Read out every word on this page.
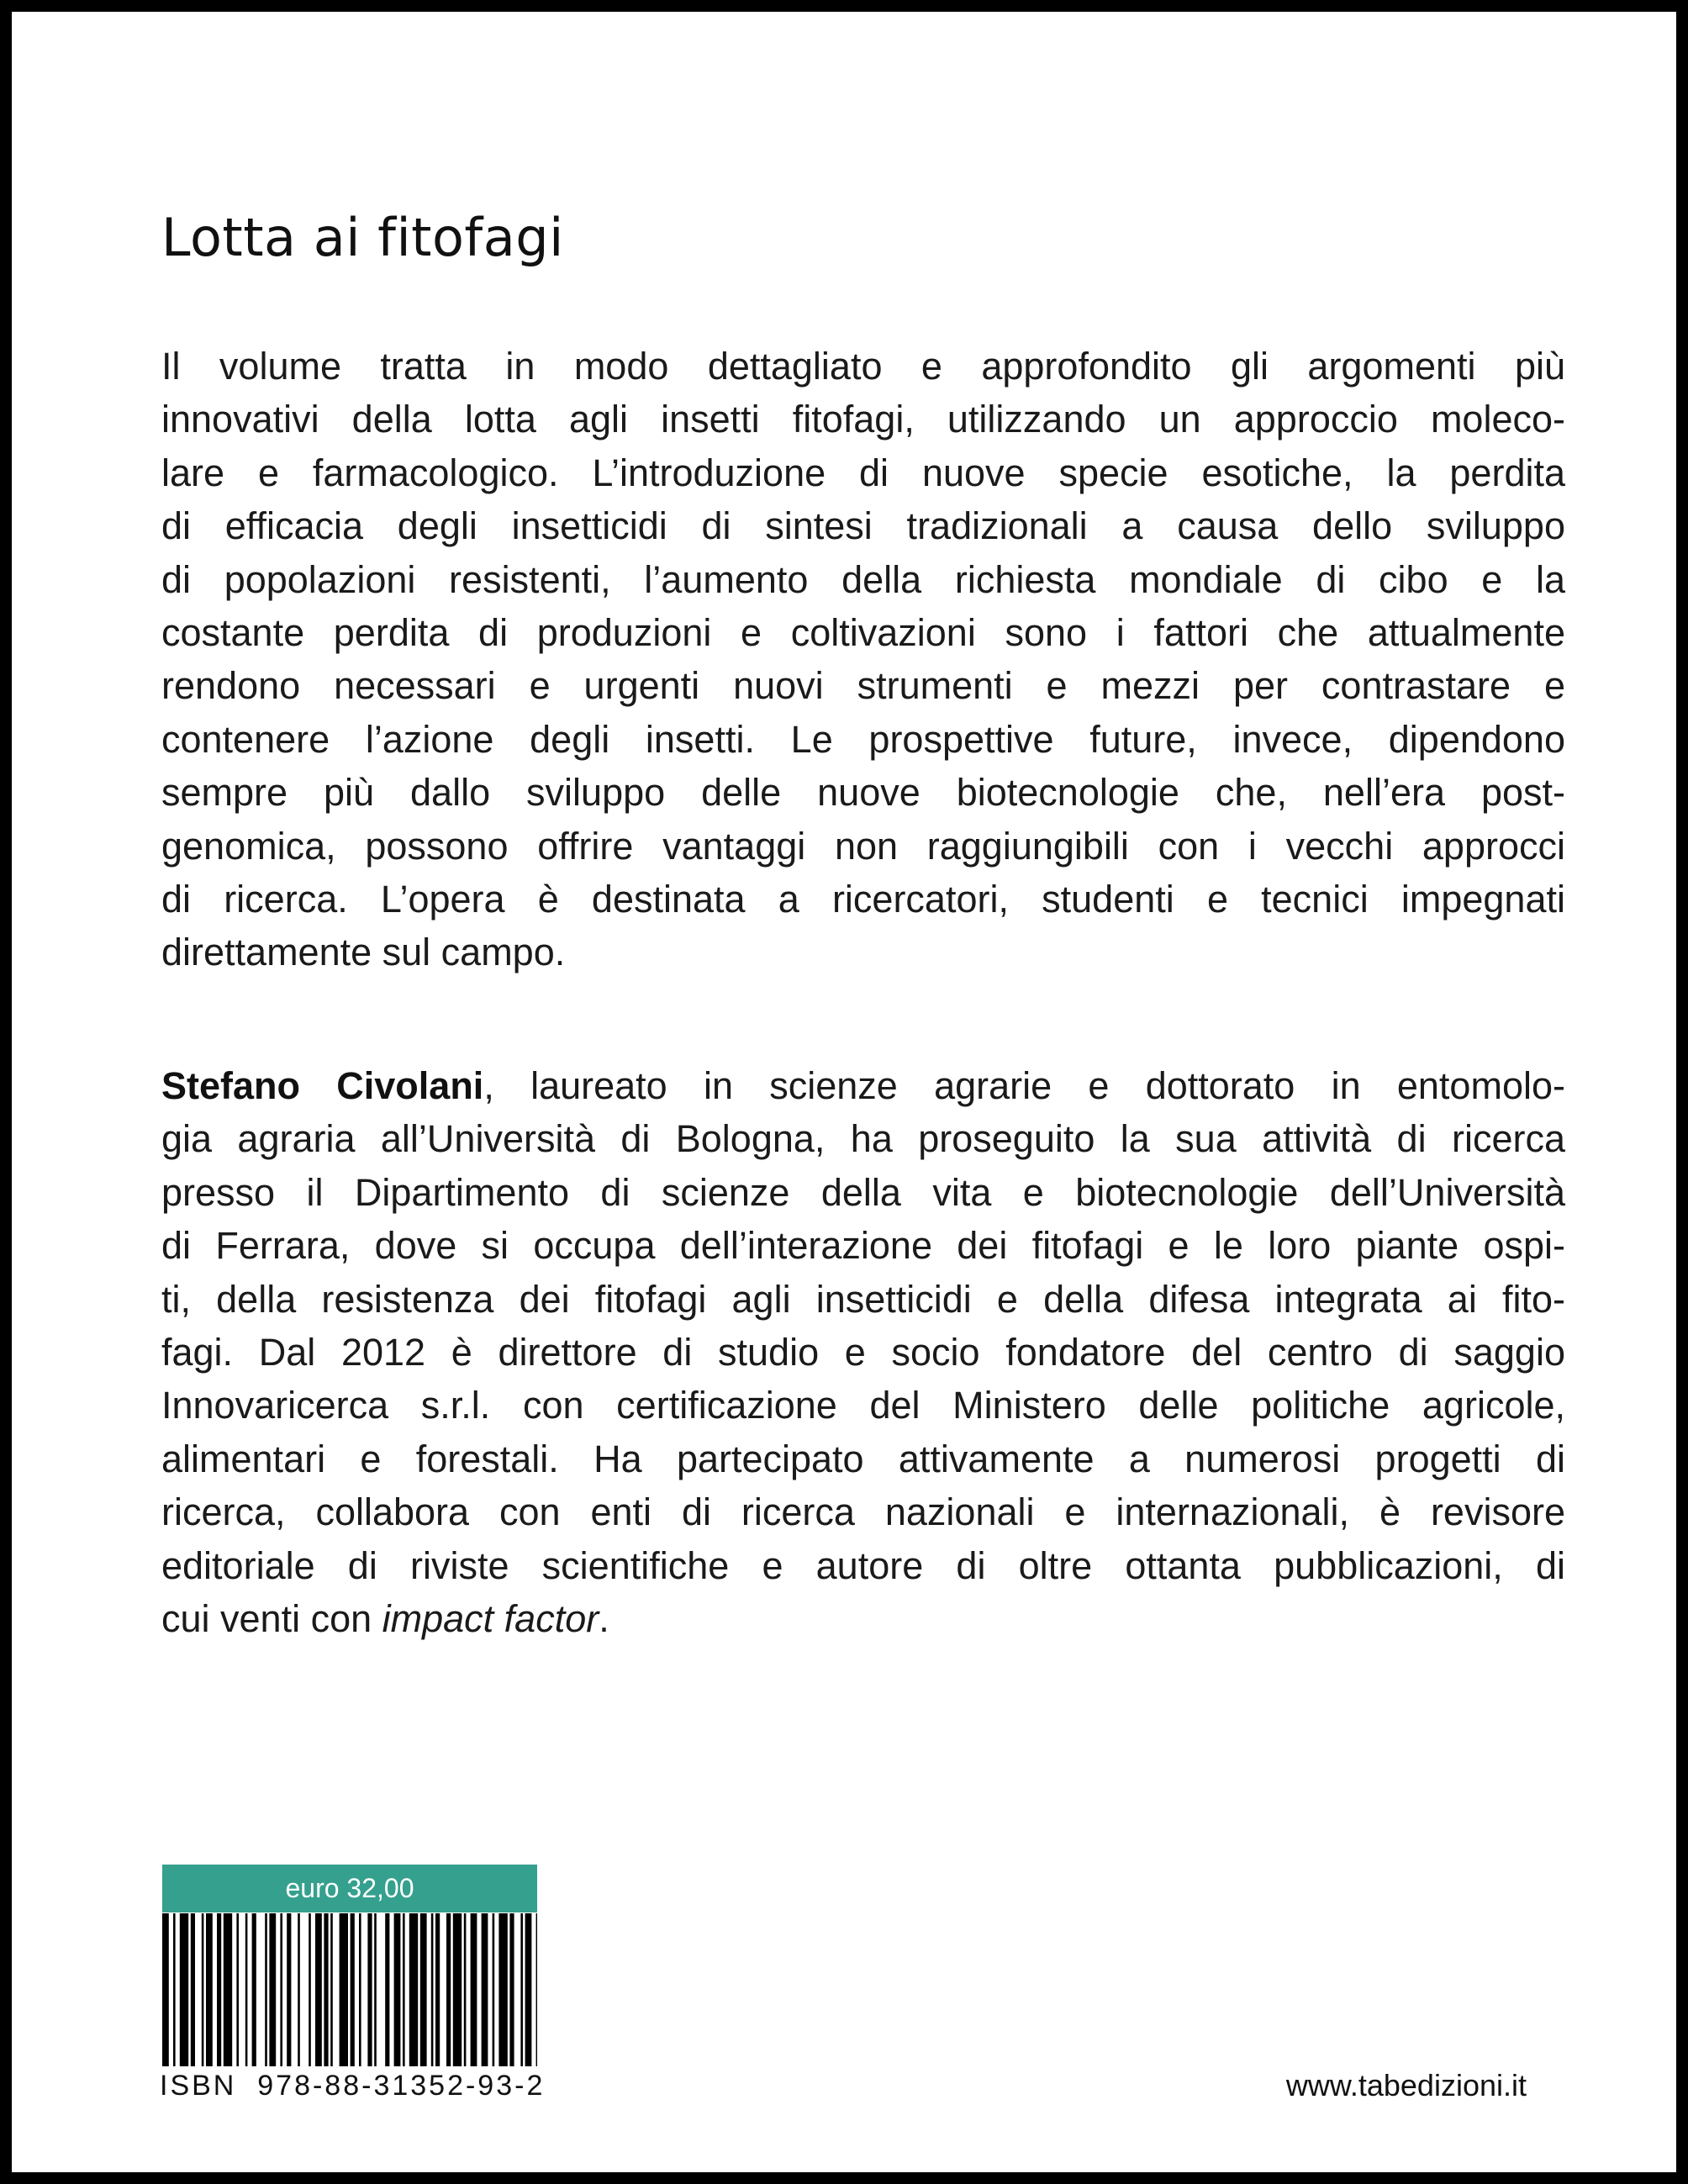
Lotta ai fitofagi
Il volume tratta in modo dettagliato e approfondito gli argomenti più
innovativi della lotta agli insetti fitofagi, utilizzando un approccio moleco-
lare e farmacologico. L’introduzione di nuove specie esotiche, la perdita
di efficacia degli insetticidi di sintesi tradizionali a causa dello sviluppo
di popolazioni resistenti, l’aumento della richiesta mondiale di cibo e la
costante perdita di produzioni e coltivazioni sono i fattori che attualmente
rendono necessari e urgenti nuovi strumenti e mezzi per contrastare e
contenere l’azione degli insetti. Le prospettive future, invece, dipendono
sempre più dallo sviluppo delle nuove biotecnologie che, nell’era post-
genomica, possono offrire vantaggi non raggiungibili con i vecchi approcci
di ricerca. L’opera è destinata a ricercatori, studenti e tecnici impegnati
direttamente sul campo.
Stefano Civolani, laureato in scienze agrarie e dottorato in entomolo-
gia agraria all’Università di Bologna, ha proseguito la sua attività di ricerca
presso il Dipartimento di scienze della vita e biotecnologie dell’Università
di Ferrara, dove si occupa dell’interazione dei fitofagi e le loro piante ospi-
ti, della resistenza dei fitofagi agli insetticidi e della difesa integrata ai fito-
fagi. Dal 2012 è direttore di studio e socio fondatore del centro di saggio
Innovaricerca s.r.l. con certificazione del Ministero delle politiche agricole,
alimentari e forestali. Ha partecipato attivamente a numerosi progetti di
ricerca, collabora con enti di ricerca nazionali e internazionali, è revisore
editoriale di riviste scientifiche e autore di oltre ottanta pubblicazioni, di
cui venti con impact factor.
euro 32,00
ISBN  978-88-31352-93-2	www.tabedizioni.it
